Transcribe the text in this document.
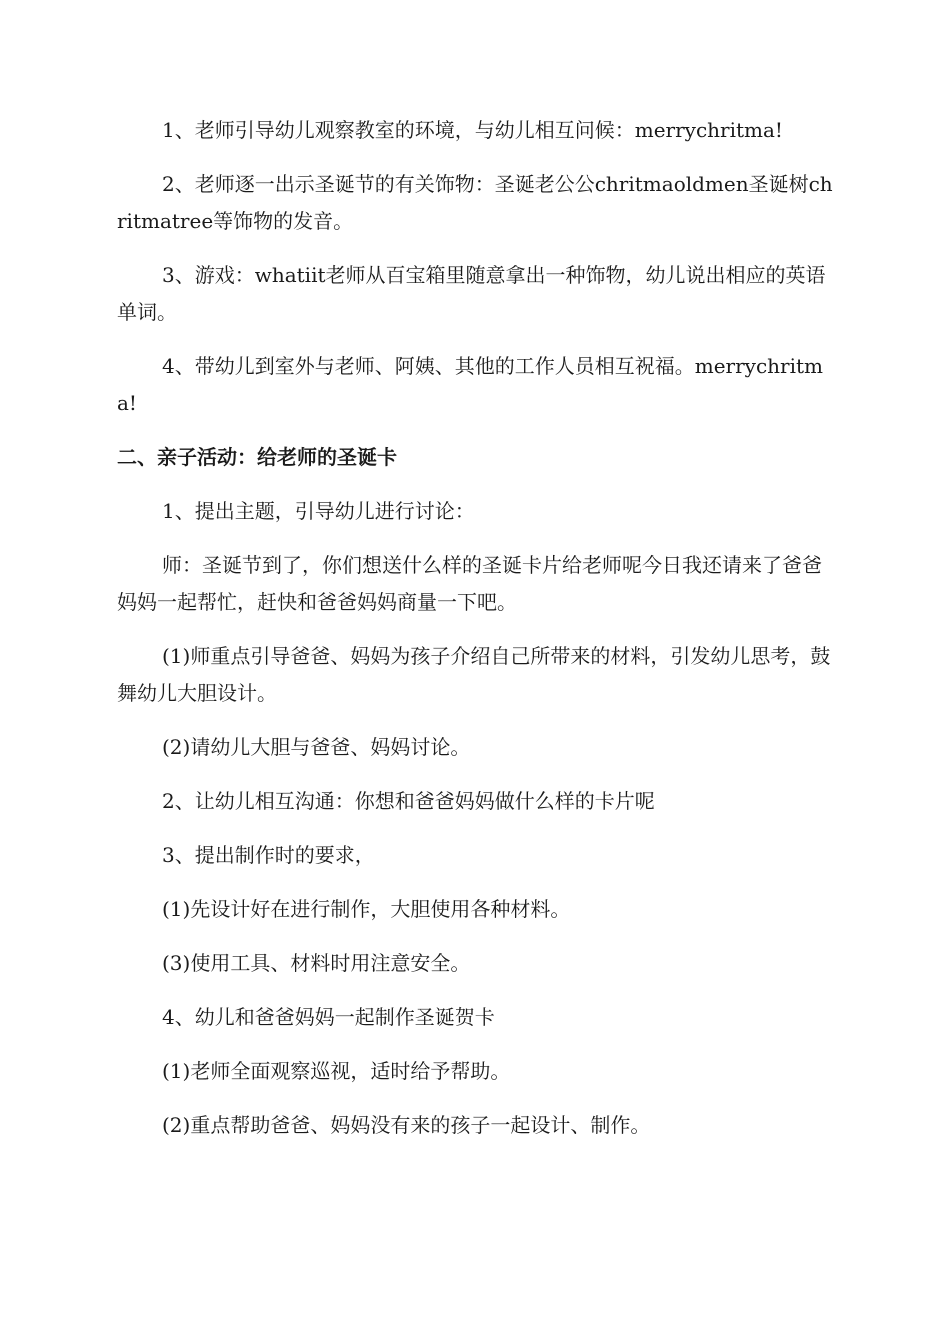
1、老师引导幼儿观察教室的环境，与幼儿相互问候：merrychritma!

2、老师逐一出示圣诞节的有关饰物：圣诞老公公chritmaoldmen圣诞树chritmatree等饰物的发音。

3、游戏：whatiit老师从百宝箱里随意拿出一种饰物，幼儿说出相应的英语单词。

4、带幼儿到室外与老师、阿姨、其他的工作人员相互祝福。merrychritma!

二、亲子活动：给老师的圣诞卡

1、提出主题，引导幼儿进行讨论：

师：圣诞节到了，你们想送什么样的圣诞卡片给老师呢今日我还请来了爸爸妈妈一起帮忙，赶快和爸爸妈妈商量一下吧。

(1)师重点引导爸爸、妈妈为孩子介绍自己所带来的材料，引发幼儿思考，鼓舞幼儿大胆设计。

(2)请幼儿大胆与爸爸、妈妈讨论。

2、让幼儿相互沟通：你想和爸爸妈妈做什么样的卡片呢

3、提出制作时的要求，

(1)先设计好在进行制作，大胆使用各种材料。

(3)使用工具、材料时用注意安全。

4、幼儿和爸爸妈妈一起制作圣诞贺卡

(1)老师全面观察巡视，适时给予帮助。

(2)重点帮助爸爸、妈妈没有来的孩子一起设计、制作。
